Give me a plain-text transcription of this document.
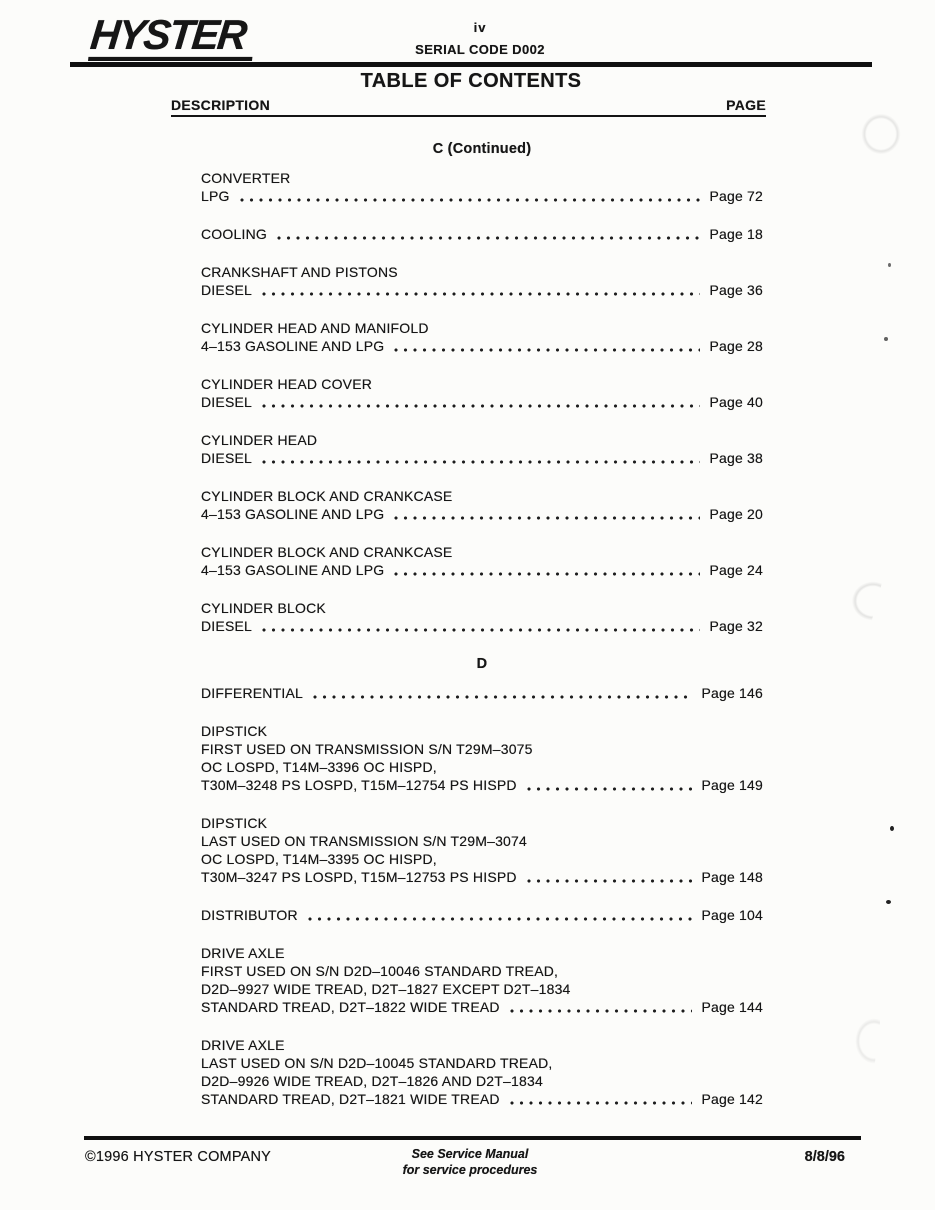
HYSTER	iv
SERIAL CODE D002
TABLE OF CONTENTS
DESCRIPTION	PAGE
C (Continued)
CONVERTER
LPG	Page 72
COOLING	Page 18
CRANKSHAFT AND PISTONS
DIESEL	Page 36
CYLINDER HEAD AND MANIFOLD
4–153 GASOLINE AND LPG	Page 28
CYLINDER HEAD COVER
DIESEL	Page 40
CYLINDER HEAD
DIESEL	Page 38
CYLINDER BLOCK AND CRANKCASE
4–153 GASOLINE AND LPG	Page 20
CYLINDER BLOCK AND CRANKCASE
4–153 GASOLINE AND LPG	Page 24
CYLINDER BLOCK
DIESEL	Page 32
D
DIFFERENTIAL	Page 146
DIPSTICK
FIRST USED ON TRANSMISSION S/N T29M–3075
OC LOSPD, T14M–3396 OC HISPD,
T30M–3248 PS LOSPD, T15M–12754 PS HISPD	Page 149
DIPSTICK
LAST USED ON TRANSMISSION S/N T29M–3074
OC LOSPD, T14M–3395 OC HISPD,
T30M–3247 PS LOSPD, T15M–12753 PS HISPD	Page 148
DISTRIBUTOR	Page 104
DRIVE AXLE
FIRST USED ON S/N D2D–10046 STANDARD TREAD,
D2D–9927 WIDE TREAD, D2T–1827 EXCEPT D2T–1834
STANDARD TREAD, D2T–1822 WIDE TREAD	Page 144
DRIVE AXLE
LAST USED ON S/N D2D–10045 STANDARD TREAD,
D2D–9926 WIDE TREAD, D2T–1826 AND D2T–1834
STANDARD TREAD, D2T–1821 WIDE TREAD	Page 142
©1996 HYSTER COMPANY	See Service Manual
for service procedures
8/8/96
